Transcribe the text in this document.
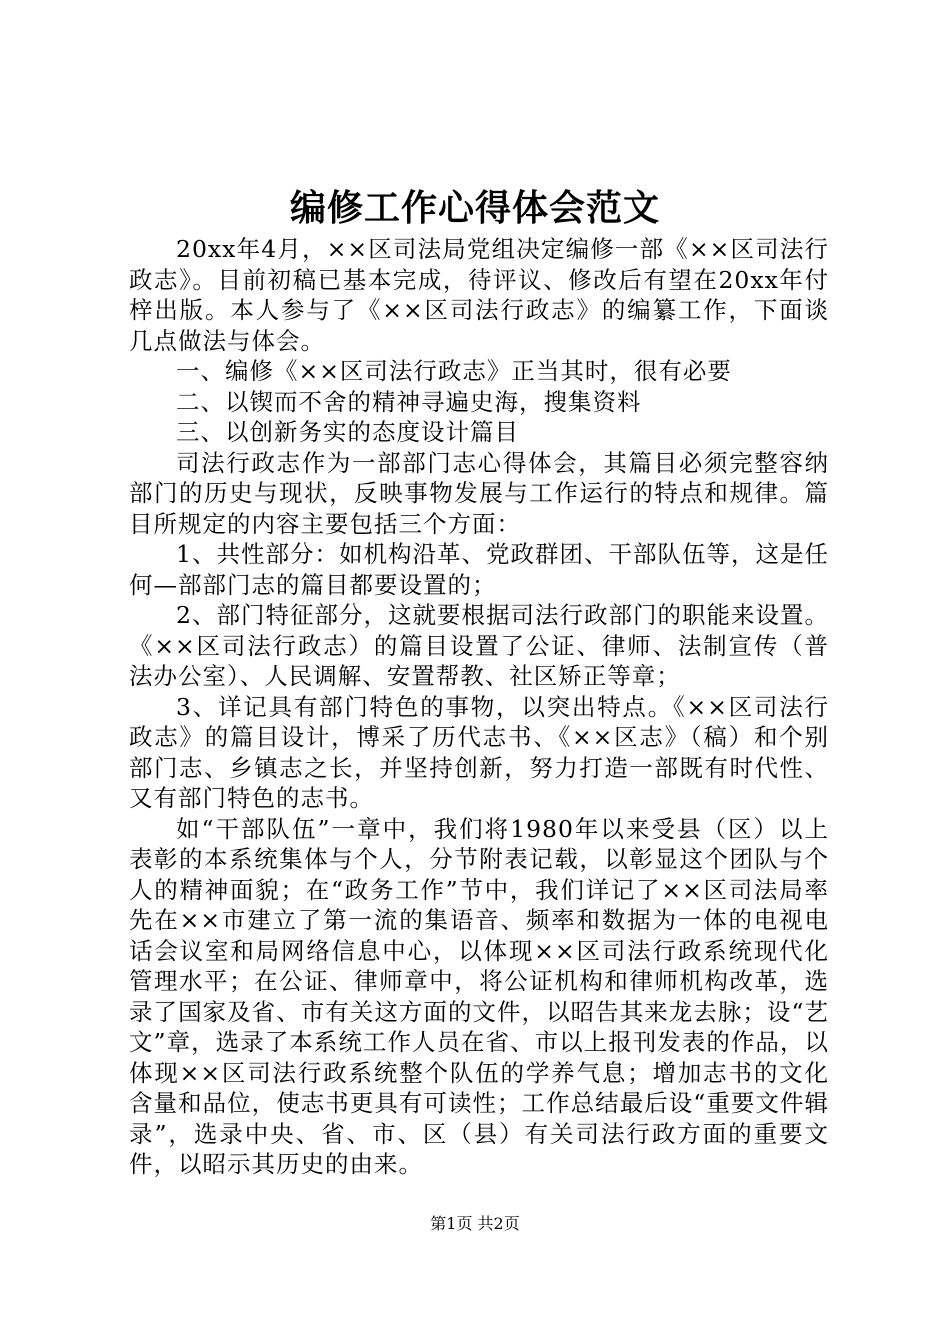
编修工作心得体会范文

20xx年4月，××区司法局党组决定编修一部《××区司法行政志》。目前初稿已基本完成，待评议、修改后有望在20xx年付梓出版。本人参与了《××区司法行政志》的编纂工作，下面谈几点做法与体会。

一、编修《××区司法行政志》正当其时，很有必要

二、以锲而不舍的精神寻遍史海，搜集资料

三、以创新务实的态度设计篇目

司法行政志作为一部部门志心得体会，其篇目必须完整容纳部门的历史与现状，反映事物发展与工作运行的特点和规律。篇目所规定的内容主要包括三个方面：

1、共性部分：如机构沿革、党政群团、干部队伍等，这是任何—部部门志的篇目都要设置的；

2、部门特征部分，这就要根据司法行政部门的职能来设置。《××区司法行政志）的篇目设置了公证、律师、法制宣传（普法办公室）、人民调解、安置帮教、社区矫正等章；

3、详记具有部门特色的事物，以突出特点。《××区司法行政志》的篇目设计，博采了历代志书、《××区志》（稿）和个别部门志、乡镇志之长，并坚持创新，努力打造一部既有时代性、又有部门特色的志书。

如“干部队伍”一章中，我们将1980年以来受县（区）以上表彰的本系统集体与个人，分节附表记载，以彰显这个团队与个人的精神面貌；在“政务工作”节中，我们详记了××区司法局率先在××市建立了第一流的集语音、频率和数据为一体的电视电话会议室和局网络信息中心，以体现××区司法行政系统现代化管理水平；在公证、律师章中，将公证机构和律师机构改革，选录了国家及省、市有关这方面的文件，以昭告其来龙去脉；设“艺文”章，选录了本系统工作人员在省、市以上报刊发表的作品，以体现××区司法行政系统整个队伍的学养气息；增加志书的文化含量和品位，使志书更具有可读性；工作总结最后设“重要文件辑录”，选录中央、省、市、区（县）有关司法行政方面的重要文件，以昭示其历史的由来。

第1页 共2页
